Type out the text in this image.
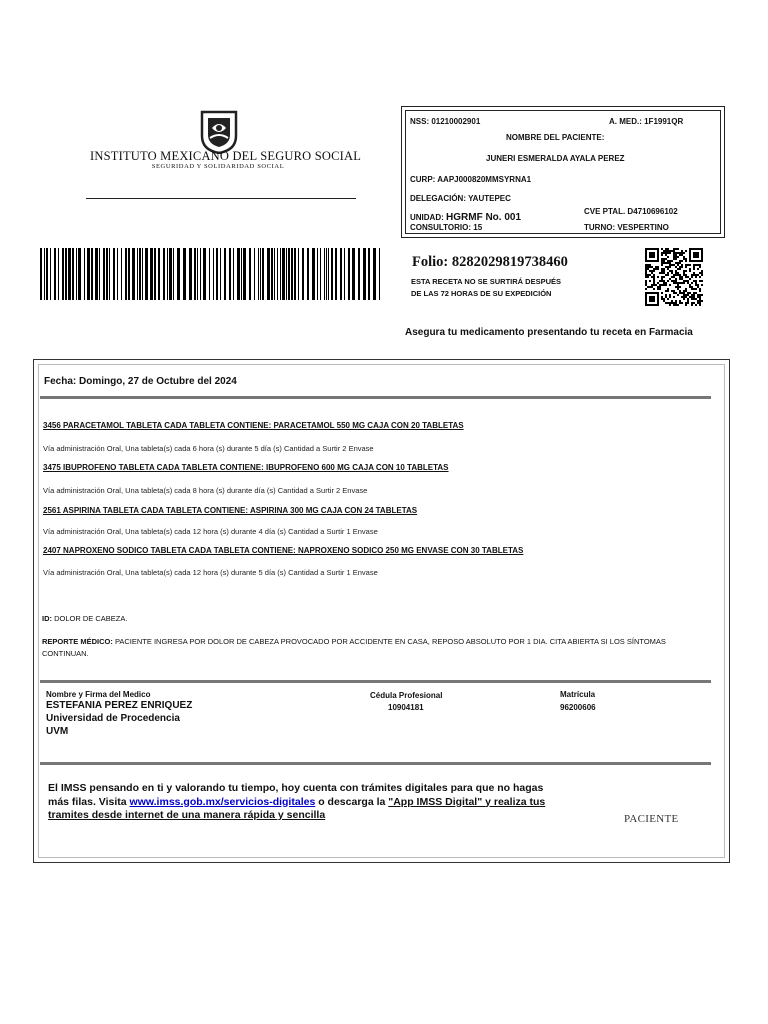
INSTITUTO MEXICANO DEL SEGURO SOCIAL
SEGURIDAD Y SOLIDARIDAD SOCIAL
NSS: 01210002901	A. MED.: 1F1991QR
NOMBRE DEL PACIENTE:
JUNERI ESMERALDA AYALA PEREZ
CURP: AAPJ000820MMSYRNA1
DELEGACIÓN: YAUTEPEC
UNIDAD: HGRMF No. 001
CVE PTAL. D4710696102
CONSULTORIO: 15	TURNO: VESPERTINO
Folio: 8282029819738460
ESTA RECETA NO SE SURTIRÁ DESPUÉS
DE LAS 72 HORAS DE SU EXPEDICIÓN
Asegura tu medicamento presentando tu receta en Farmacia
Fecha: Domingo, 27 de Octubre del 2024
3456 PARACETAMOL TABLETA CADA TABLETA CONTIENE: PARACETAMOL 550 MG CAJA CON 20 TABLETAS
Vía administración Oral, Una tableta(s) cada 6 hora (s) durante 5 día (s) Cantidad a Surtir 2 Envase
3475 IBUPROFENO TABLETA CADA TABLETA CONTIENE: IBUPROFENO 600 MG CAJA CON 10 TABLETAS
Vía administración Oral, Una tableta(s) cada 8 hora (s) durante día (s) Cantidad a Surtir 2 Envase
2561 ASPIRINA TABLETA CADA TABLETA CONTIENE: ASPIRINA 300 MG CAJA CON 24 TABLETAS
Vía administración Oral, Una tableta(s) cada 12 hora (s) durante 4 día (s) Cantidad a Surtir 1 Envase
2407 NAPROXENO SODICO TABLETA CADA TABLETA CONTIENE: NAPROXENO SODICO 250 MG ENVASE CON 30 TABLETAS
Vía administración Oral, Una tableta(s) cada 12 hora (s) durante 5 día (s) Cantidad a Surtir 1 Envase
ID: DOLOR DE CABEZA.
REPORTE MÉDICO: PACIENTE INGRESA POR DOLOR DE CABEZA PROVOCADO POR ACCIDENTE EN CASA, REPOSO ABSOLUTO POR 1 DIA. CITA ABIERTA SI LOS SÍNTOMAS CONTINUAN.
Nombre y Firma del Medico
ESTEFANIA PEREZ ENRIQUEZ
Universidad de Procedencia
UVM
Cédula Profesional
10904181
Matrícula
96200606
El IMSS pensando en ti y valorando tu tiempo, hoy cuenta con trámites digitales para que no hagas
más filas. Visita www.imss.gob.mx/servicios-digitales o descarga la "App IMSS Digital" y realiza tus
tramites desde internet de una manera rápida y sencilla	PACIENTE
